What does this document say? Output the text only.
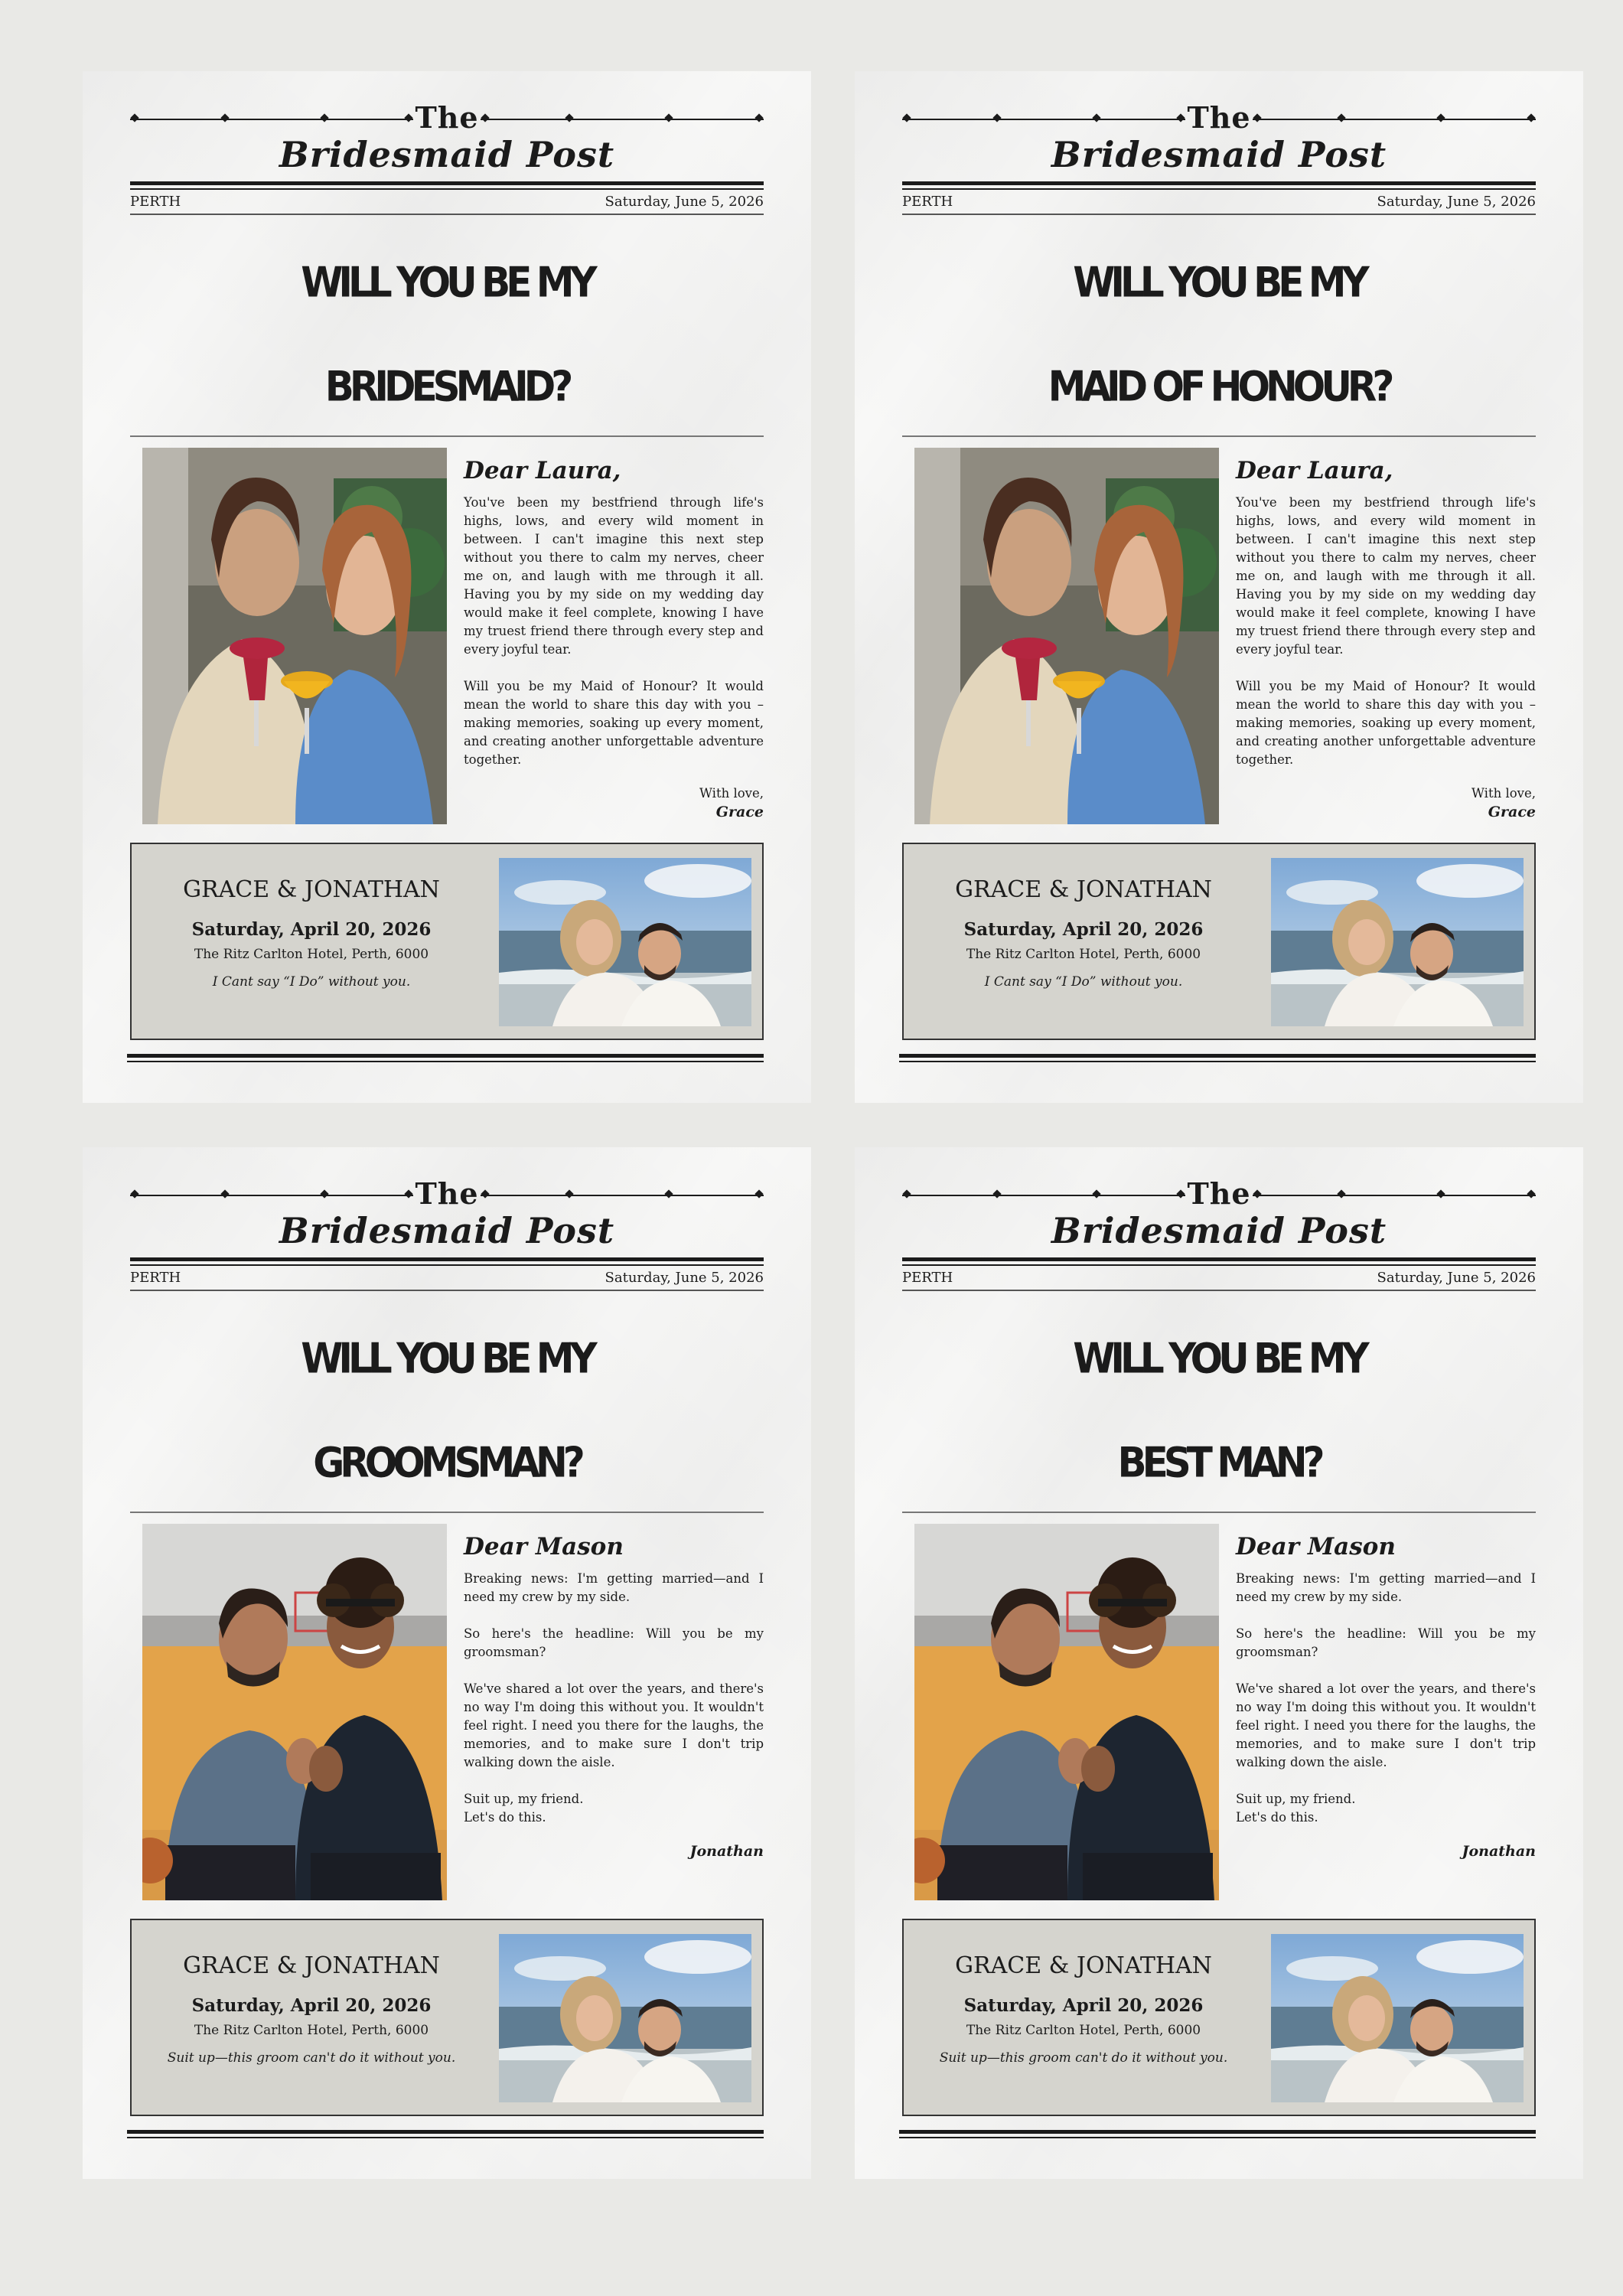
The
Bridesmaid Post
PERTH	Saturday, June 5, 2026
WILL YOU BE MY
BRIDESMAID?
Dear Laura,

You've been my bestfriend through life's highs, lows, and every wild moment in between. I can't imagine this next step without you there to calm my nerves, cheer me on, and laugh with me through it all. Having you by my side on my wedding day would make it feel complete, knowing I have my truest friend there through every step and every joyful tear.

Will you be my Maid of Honour? It would mean the world to share this day with you – making memories, soaking up every moment, and creating another unforgettable adventure together.

With love,
Grace
GRACE & JONATHAN
Saturday, April 20, 2026
The Ritz Carlton Hotel, Perth, 6000
I Cant say “I Do” without you.
The
Bridesmaid Post
PERTH	Saturday, June 5, 2026
WILL YOU BE MY
MAID OF HONOUR?
Dear Laura,

You've been my bestfriend through life's highs, lows, and every wild moment in between. I can't imagine this next step without you there to calm my nerves, cheer me on, and laugh with me through it all. Having you by my side on my wedding day would make it feel complete, knowing I have my truest friend there through every step and every joyful tear.

Will you be my Maid of Honour? It would mean the world to share this day with you – making memories, soaking up every moment, and creating another unforgettable adventure together.

With love,
Grace
GRACE & JONATHAN
Saturday, April 20, 2026
The Ritz Carlton Hotel, Perth, 6000
I Cant say “I Do” without you.
The
Bridesmaid Post
PERTH	Saturday, June 5, 2026
WILL YOU BE MY
GROOMSMAN?
Dear Mason

Breaking news: I'm getting married—and I need my crew by my side.

So here's the headline: Will you be my groomsman?

We've shared a lot over the years, and there's no way I'm doing this without you. It wouldn't feel right. I need you there for the laughs, the memories, and to make sure I don't trip walking down the aisle.

Suit up, my friend.
Let's do this.

Jonathan
GRACE & JONATHAN
Saturday, April 20, 2026
The Ritz Carlton Hotel, Perth, 6000
Suit up—this groom can't do it without you.
The
Bridesmaid Post
PERTH	Saturday, June 5, 2026
WILL YOU BE MY
BEST MAN?
Dear Mason

Breaking news: I'm getting married—and I need my crew by my side.

So here's the headline: Will you be my groomsman?

We've shared a lot over the years, and there's no way I'm doing this without you. It wouldn't feel right. I need you there for the laughs, the memories, and to make sure I don't trip walking down the aisle.

Suit up, my friend.
Let's do this.

Jonathan
GRACE & JONATHAN
Saturday, April 20, 2026
The Ritz Carlton Hotel, Perth, 6000
Suit up—this groom can't do it without you.
